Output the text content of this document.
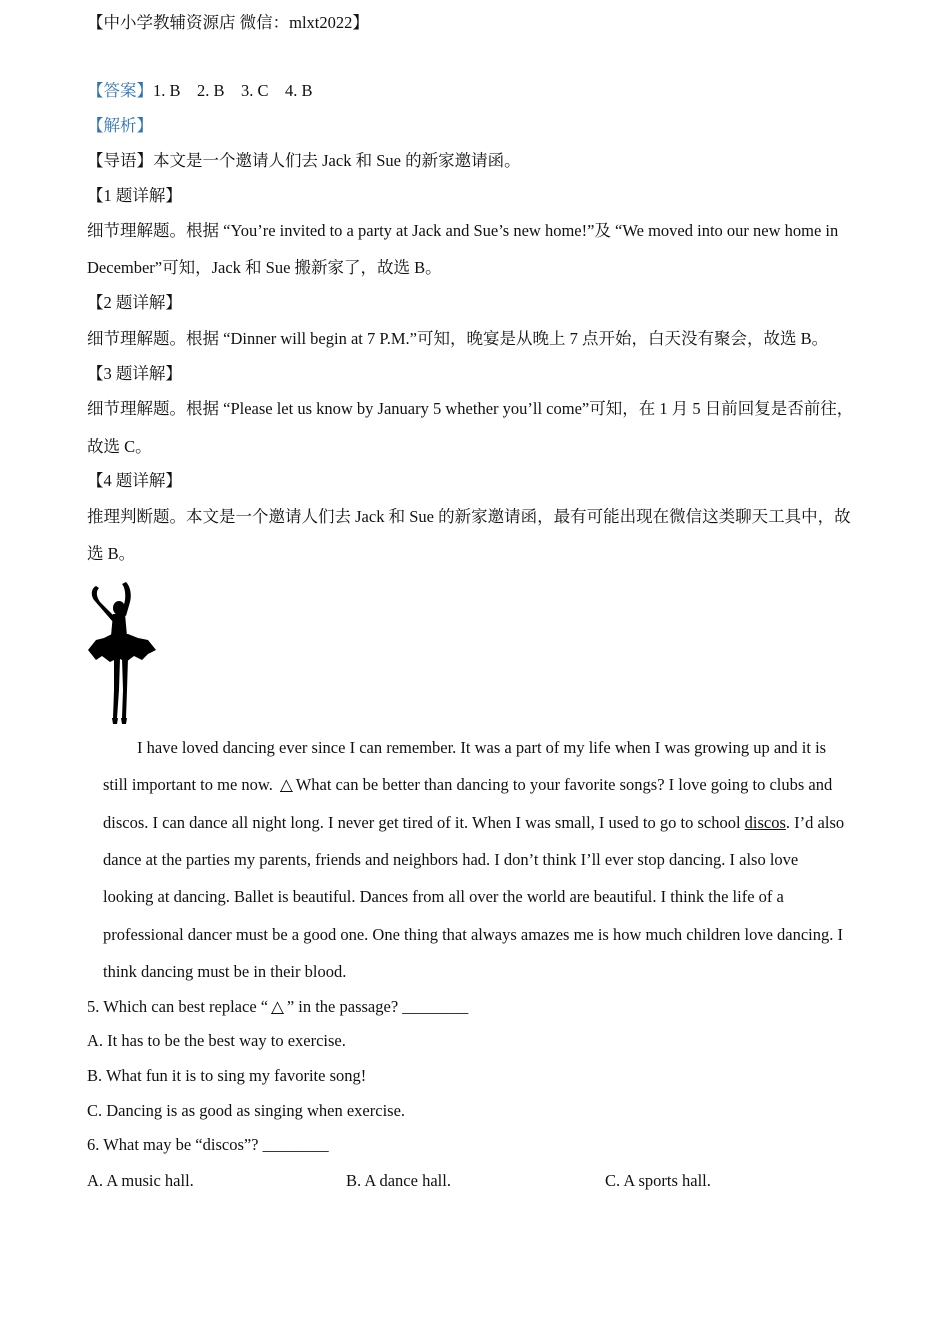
【中小学教辅资源店 微信：mlxt2022】
【答案】1. B    2. B    3. C    4. B
【解析】
【导语】本文是一个邀请人们去 Jack 和 Sue 的新家邀请函。
【1 题详解】
细节理解题。根据 “You’re invited to a party at Jack and Sue’s new home!”及 “We moved into our new home in
December”可知，Jack 和 Sue 搬新家了，故选 B。
【2 题详解】
细节理解题。根据 “Dinner will begin at 7 P.M.”可知，晚宴是从晚上 7 点开始，白天没有聚会，故选 B。
【3 题详解】
细节理解题。根据 “Please let us know by January 5 whether you’ll come”可知，在 1 月 5 日前回复是否前往，
故选 C。
【4 题详解】
推理判断题。本文是一个邀请人们去 Jack 和 Sue 的新家邀请函，最有可能出现在微信这类聊天工具中，故
选 B。
I have loved dancing ever since I can remember. It was a part of my life when I was growing up and it is
still important to me now. △ What can be better than dancing to your favorite songs? I love going to clubs and
discos. I can dance all night long. I never get tired of it. When I was small, I used to go to school discos. I’d also
dance at the parties my parents, friends and neighbors had. I don’t think I’ll ever stop dancing. I also love
looking at dancing. Ballet is beautiful. Dances from all over the world are beautiful. I think the life of a
professional dancer must be a good one. One thing that always amazes me is how much children love dancing. I
think dancing must be in their blood.
5. Which can best replace “ △ ” in the passage? ________
A. It has to be the best way to exercise.
B. What fun it is to sing my favorite song!
C. Dancing is as good as singing when exercise.
6. What may be “discos”? ________
A. A music hall.	B. A dance hall.	C. A sports hall.
